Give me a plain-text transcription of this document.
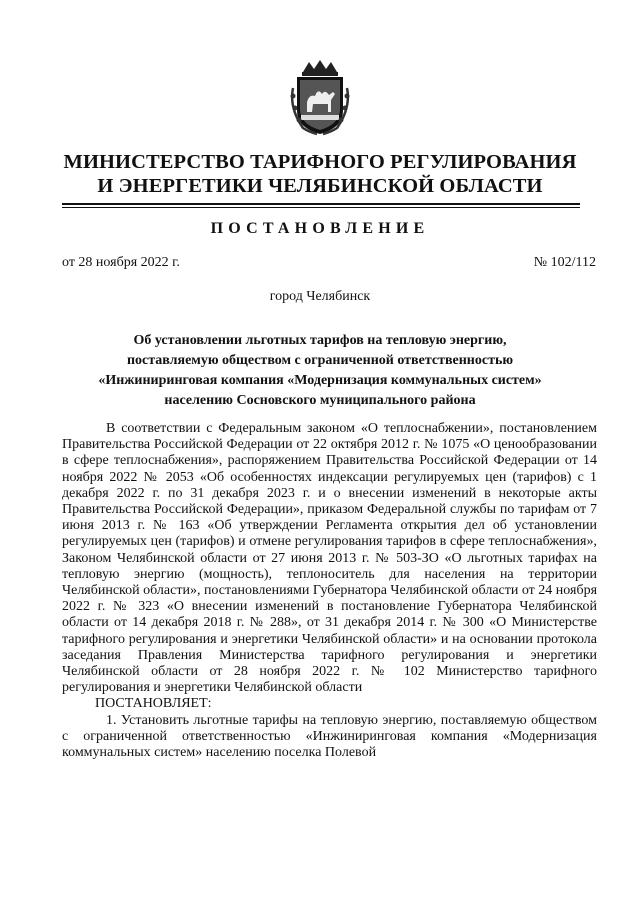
МИНИСТЕРСТВО ТАРИФНОГО РЕГУЛИРОВАНИЯ
И ЭНЕРГЕТИКИ ЧЕЛЯБИНСКОЙ ОБЛАСТИ
ПОСТАНОВЛЕНИЕ
от 28 ноября 2022 г.	№ 102/112
город Челябинск
Об установлении льготных тарифов на тепловую энергию,
поставляемую обществом с ограниченной ответственностью
«Инжиниринговая компания «Модернизация коммунальных систем»
населению Сосновского муниципального района

В соответствии с Федеральным законом «О теплоснабжении», постановлением Правительства Российской Федерации от 22 октября 2012 г. № 1075 «О ценообразовании в сфере теплоснабжения», распоряжением Правительства Российской Федерации от 14 ноября 2022 № 2053 «Об особенностях индексации регулируемых цен (тарифов) с 1 декабря 2022 г. по 31 декабря 2023 г. и о внесении изменений в некоторые акты Правительства Российской Федерации», приказом Федеральной службы по тарифам от 7 июня 2013 г. № 163 «Об утверждении Регламента открытия дел об установлении регулируемых цен (тарифов) и отмене регулирования тарифов в сфере теплоснабжения», Законом Челябинской области от 27 июня 2013 г. № 503-ЗО «О льготных тарифах на тепловую энергию (мощность), теплоноситель для населения на территории Челябинской области», постановлениями Губернатора Челябинской области от 24 ноября 2022 г. № 323 «О внесении изменений в постановление Губернатора Челябинской области от 14 декабря 2018 г. № 288», от 31 декабря 2014 г. № 300 «О Министерстве тарифного регулирования и энергетики Челябинской области» и на основании протокола заседания Правления Министерства тарифного регулирования и энергетики Челябинской области от 28 ноября 2022 г. № 102 Министерство тарифного регулирования и энергетики Челябинской области

ПОСТАНОВЛЯЕТ:

1. Установить льготные тарифы на тепловую энергию, поставляемую обществом с ограниченной ответственностью «Инжиниринговая компания «Модернизация коммунальных систем» населению поселка Полевой
